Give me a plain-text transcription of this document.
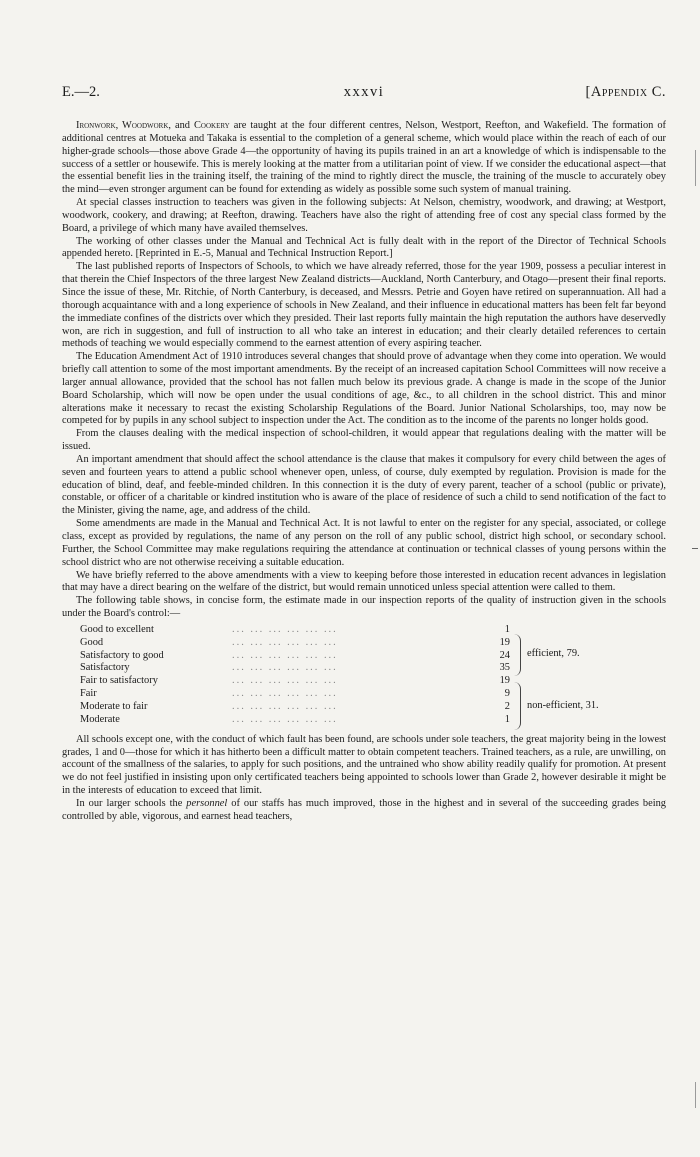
E.—2.	xxxvi	[Appendix C.

Ironwork, Woodwork, and Cookery are taught at the four different centres, Nelson, Westport, Reefton, and Wakefield. The formation of additional centres at Motueka and Takaka is essential to the completion of a general scheme, which would place within the reach of each of our higher-grade schools—those above Grade 4—the opportunity of having its pupils trained in an art a knowledge of which is indispensable to the success of a settler or housewife. This is merely looking at the matter from a utilitarian point of view. If we consider the educational aspect—that the essential benefit lies in the training itself, the training of the mind to rightly direct the muscle, the training of the muscle to accurately obey the mind—even stronger argument can be found for extending as widely as possible some such system of manual training.

At special classes instruction to teachers was given in the following subjects: At Nelson, chemistry, woodwork, and drawing; at Westport, woodwork, cookery, and drawing; at Reefton, drawing. Teachers have also the right of attending free of cost any special class formed by the Board, a privilege of which many have availed themselves.

The working of other classes under the Manual and Technical Act is fully dealt with in the report of the Director of Technical Schools appended hereto. [Reprinted in E.-5, Manual and Technical Instruction Report.]

The last published reports of Inspectors of Schools, to which we have already referred, those for the year 1909, possess a peculiar interest in that therein the Chief Inspectors of the three largest New Zealand districts—Auckland, North Canterbury, and Otago—present their final reports. Since the issue of these, Mr. Ritchie, of North Canterbury, is deceased, and Messrs. Petrie and Goyen have retired on superannuation. All had a thorough acquaintance with and a long experience of schools in New Zealand, and their influence in educational matters has been felt far beyond the immediate confines of the districts over which they presided. Their last reports fully maintain the high reputation the authors have deservedly won, are rich in suggestion, and full of instruction to all who take an interest in education; and their clearly detailed references to certain methods of teaching we would especially commend to the earnest attention of every aspiring teacher.

The Education Amendment Act of 1910 introduces several changes that should prove of advantage when they come into operation. We would briefly call attention to some of the most important amendments. By the receipt of an increased capitation School Committees will now receive a larger annual allowance, provided that the school has not fallen much below its previous grade. A change is made in the scope of the Junior Board Scholarship, which will now be open under the usual conditions of age, &c., to all children in the school district. This and minor alterations make it necessary to recast the existing Scholarship Regulations of the Board. Junior National Scholarships, too, may now be competed for by pupils in any school subject to inspection under the Act. The condition as to the income of the parents no longer holds good.

From the clauses dealing with the medical inspection of school-children, it would appear that regulations dealing with the matter will be issued.

An important amendment that should affect the school attendance is the clause that makes it compulsory for every child between the ages of seven and fourteen years to attend a public school whenever open, unless, of course, duly exempted by regulation. Provision is made for the education of blind, deaf, and feeble-minded children. In this connection it is the duty of every parent, teacher of a school (public or private), constable, or officer of a charitable or kindred institution who is aware of the place of residence of such a child to send notification of the fact to the Minister, giving the name, age, and address of the child.

Some amendments are made in the Manual and Technical Act. It is not lawful to enter on the register for any special, associated, or college class, except as provided by regulations, the name of any person on the roll of any public school, district high school, or secondary school. Further, the School Committee may make regulations requiring the attendance at continuation or technical classes of young persons within the school district who are not otherwise receiving a suitable education.

We have briefly referred to the above amendments with a view to keeping before those interested in education recent advances in legislation that may have a direct bearing on the welfare of the district, but would remain unnoticed unless special attention were called to them.

The following table shows, in concise form, the estimate made in our inspection reports of the quality of instruction given in the schools under the Board's control:—

Good to excellent	... ... ... ... ... ...	1
Good	... ... ... ... ... ...	19
Satisfactory to good	... ... ... ... ... ...	24
Satisfactory	... ... ... ... ... ...	35
Fair to satisfactory	... ... ... ... ... ...	19
Fair	... ... ... ... ... ...	9
Moderate to fair	... ... ... ... ... ...	2
Moderate	... ... ... ... ... ...	1
efficient, 79.
non-efficient, 31.

All schools except one, with the conduct of which fault has been found, are schools under sole teachers, the great majority being in the lowest grades, 1 and 0—those for which it has hitherto been a difficult matter to obtain competent teachers. Trained teachers, as a rule, are unwilling, on account of the smallness of the salaries, to apply for such positions, and the untrained who show ability readily qualify for promotion. At present we do not feel justified in insisting upon only certificated teachers being appointed to schools lower than Grade 2, however desirable it might be in the interests of education to exceed that limit.

In our larger schools the personnel of our staffs has much improved, those in the highest and in several of the succeeding grades being controlled by able, vigorous, and earnest head teachers,
